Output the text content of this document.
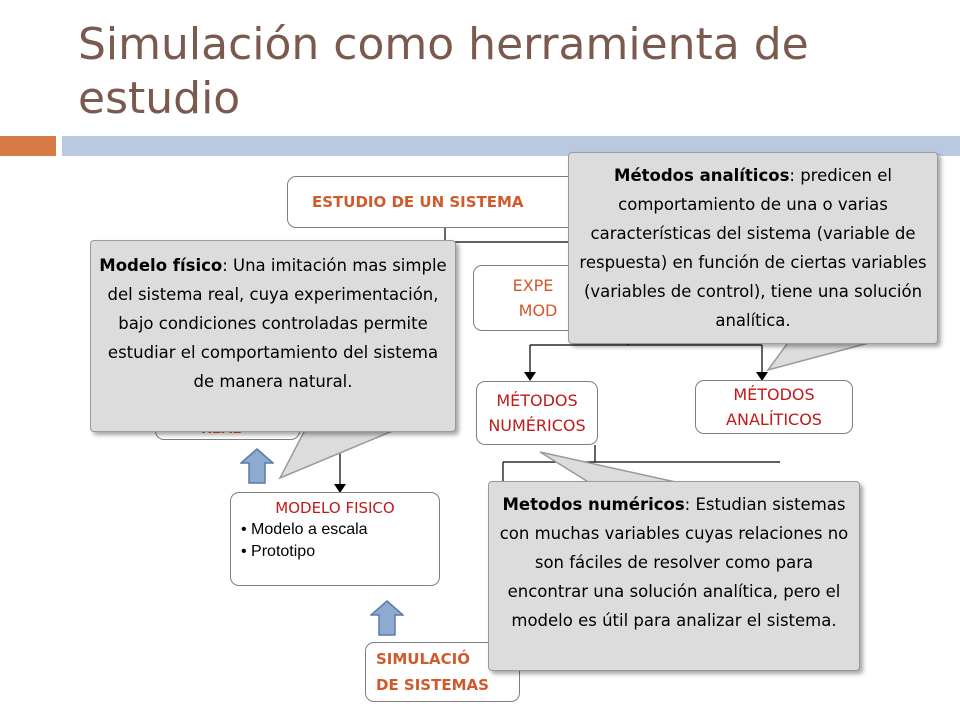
Simulación como herramienta de estudio
ESTUDIO DE UN SISTEMA
EXPE
MOD
MÉTODOS NUMÉRICOS
MÉTODOS ANALÍTICOS
MODELO FISICO
• Modelo a escala
• Prototipo
SIMULACIÓ
DE SISTEMAS
Modelo físico: Una imitación mas simple del sistema real, cuya experimentación, bajo condiciones controladas permite estudiar el comportamiento del sistema de manera natural.
Métodos analíticos: predicen el comportamiento de una o varias características del sistema (variable de respuesta) en función de ciertas variables (variables de control), tiene una solución analítica.
Metodos numéricos: Estudian sistemas con muchas variables cuyas relaciones no son fáciles de resolver como para encontrar una solución analítica, pero el modelo es útil para analizar el sistema.
